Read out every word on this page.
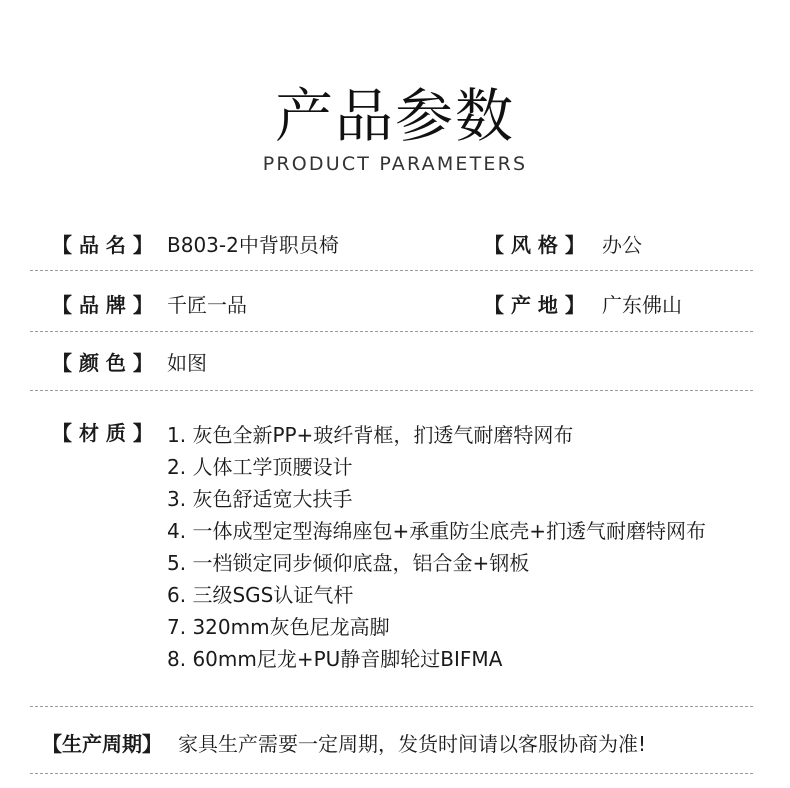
产品参数
PRODUCT PARAMETERS
【 品 名 】 B803-2中背职员椅	【 风 格 】 办公
【 品 牌 】 千匠一品	【 产 地 】 广东佛山
【 颜 色 】 如图
【 材 质 】 1. 灰色全新PP+玻纤背框，扪透气耐磨特网布
2. 人体工学顶腰设计
3. 灰色舒适宽大扶手
4. 一体成型定型海绵座包+承重防尘底壳+扪透气耐磨特网布
5. 一档锁定同步倾仰底盘，铝合金+钢板
6. 三级SGS认证气杆
7. 320mm灰色尼龙高脚
8. 60mm尼龙+PU静音脚轮过BIFMA
【生产周期】 家具生产需要一定周期，发货时间请以客服协商为准!
